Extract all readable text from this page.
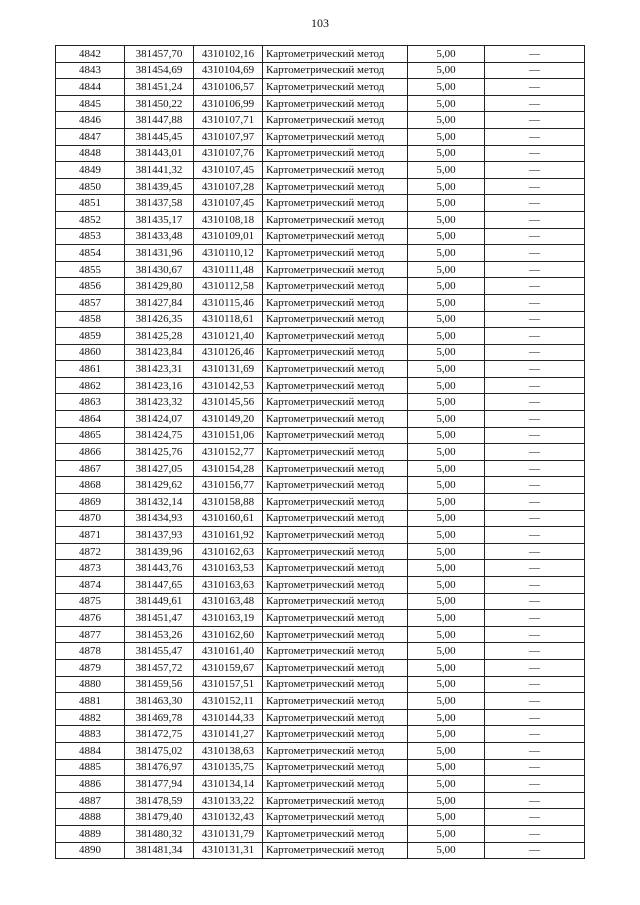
103
4842	381457,70	4310102,16	Картометрический метод	5,00	—
4843	381454,69	4310104,69	Картометрический метод	5,00	—
4844	381451,24	4310106,57	Картометрический метод	5,00	—
4845	381450,22	4310106,99	Картометрический метод	5,00	—
4846	381447,88	4310107,71	Картометрический метод	5,00	—
4847	381445,45	4310107,97	Картометрический метод	5,00	—
4848	381443,01	4310107,76	Картометрический метод	5,00	—
4849	381441,32	4310107,45	Картометрический метод	5,00	—
4850	381439,45	4310107,28	Картометрический метод	5,00	—
4851	381437,58	4310107,45	Картометрический метод	5,00	—
4852	381435,17	4310108,18	Картометрический метод	5,00	—
4853	381433,48	4310109,01	Картометрический метод	5,00	—
4854	381431,96	4310110,12	Картометрический метод	5,00	—
4855	381430,67	4310111,48	Картометрический метод	5,00	—
4856	381429,80	4310112,58	Картометрический метод	5,00	—
4857	381427,84	4310115,46	Картометрический метод	5,00	—
4858	381426,35	4310118,61	Картометрический метод	5,00	—
4859	381425,28	4310121,40	Картометрический метод	5,00	—
4860	381423,84	4310126,46	Картометрический метод	5,00	—
4861	381423,31	4310131,69	Картометрический метод	5,00	—
4862	381423,16	4310142,53	Картометрический метод	5,00	—
4863	381423,32	4310145,56	Картометрический метод	5,00	—
4864	381424,07	4310149,20	Картометрический метод	5,00	—
4865	381424,75	4310151,06	Картометрический метод	5,00	—
4866	381425,76	4310152,77	Картометрический метод	5,00	—
4867	381427,05	4310154,28	Картометрический метод	5,00	—
4868	381429,62	4310156,77	Картометрический метод	5,00	—
4869	381432,14	4310158,88	Картометрический метод	5,00	—
4870	381434,93	4310160,61	Картометрический метод	5,00	—
4871	381437,93	4310161,92	Картометрический метод	5,00	—
4872	381439,96	4310162,63	Картометрический метод	5,00	—
4873	381443,76	4310163,53	Картометрический метод	5,00	—
4874	381447,65	4310163,63	Картометрический метод	5,00	—
4875	381449,61	4310163,48	Картометрический метод	5,00	—
4876	381451,47	4310163,19	Картометрический метод	5,00	—
4877	381453,26	4310162,60	Картометрический метод	5,00	—
4878	381455,47	4310161,40	Картометрический метод	5,00	—
4879	381457,72	4310159,67	Картометрический метод	5,00	—
4880	381459,56	4310157,51	Картометрический метод	5,00	—
4881	381463,30	4310152,11	Картометрический метод	5,00	—
4882	381469,78	4310144,33	Картометрический метод	5,00	—
4883	381472,75	4310141,27	Картометрический метод	5,00	—
4884	381475,02	4310138,63	Картометрический метод	5,00	—
4885	381476,97	4310135,75	Картометрический метод	5,00	—
4886	381477,94	4310134,14	Картометрический метод	5,00	—
4887	381478,59	4310133,22	Картометрический метод	5,00	—
4888	381479,40	4310132,43	Картометрический метод	5,00	—
4889	381480,32	4310131,79	Картометрический метод	5,00	—
4890	381481,34	4310131,31	Картометрический метод	5,00	—
